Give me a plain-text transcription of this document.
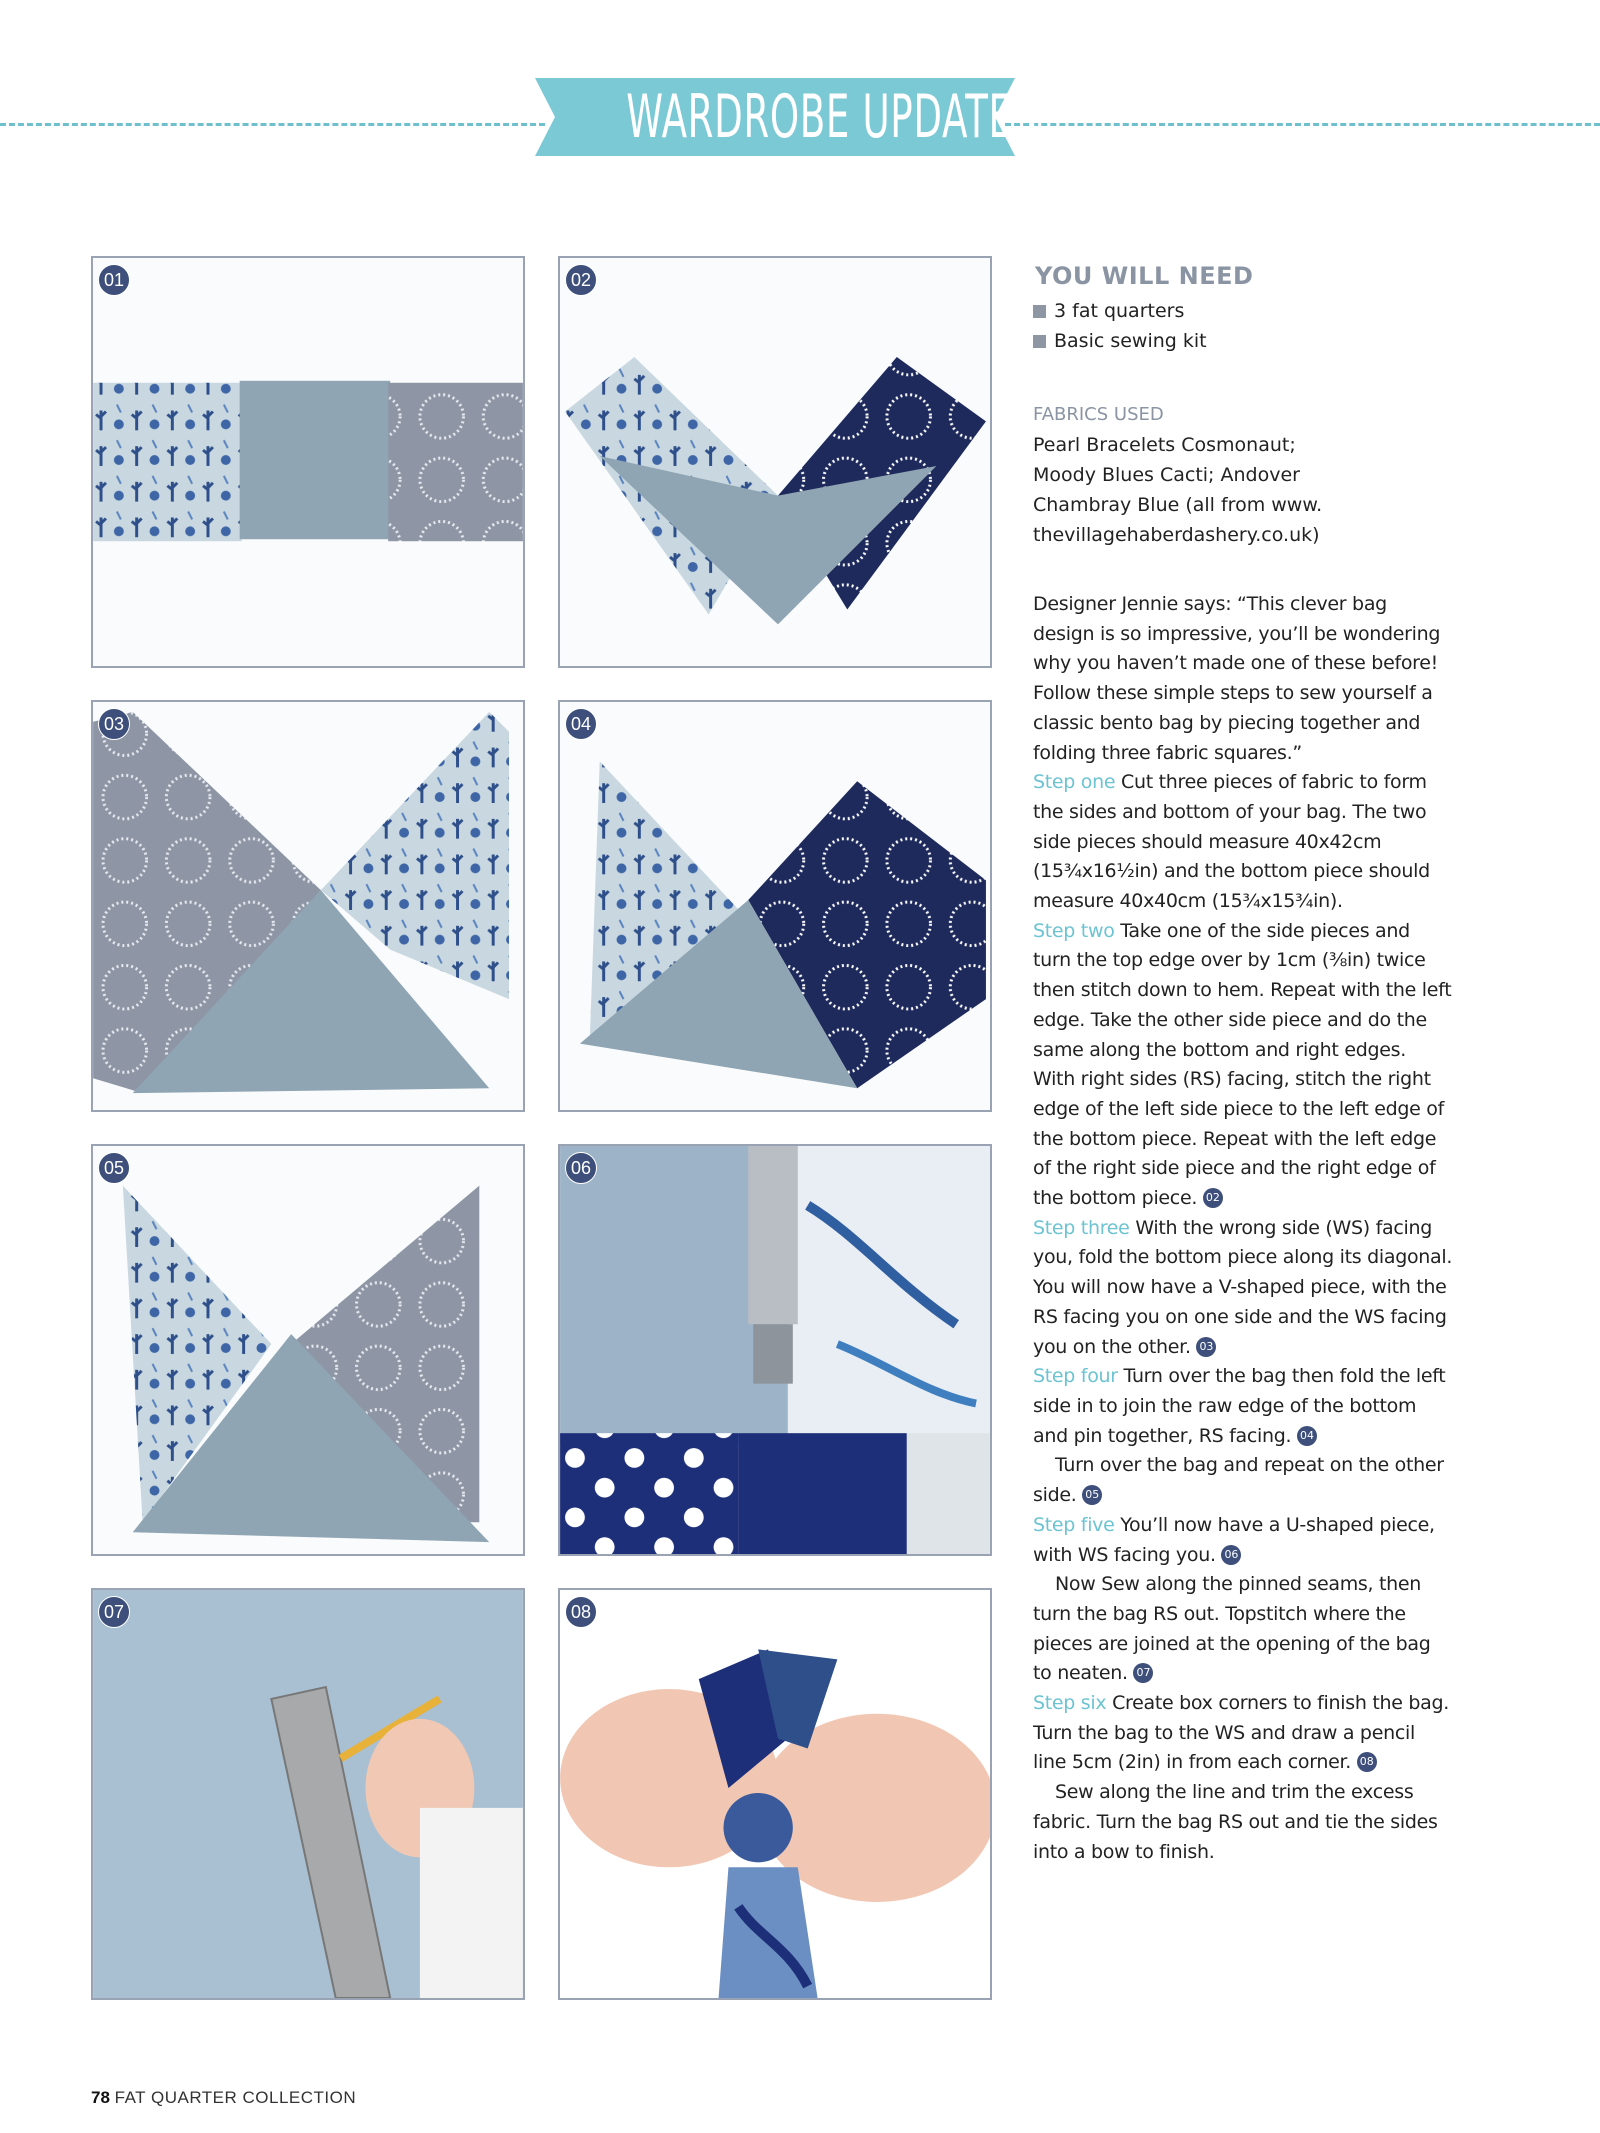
WARDROBE UPDATES
01	02
03	04
05	06
07	08
YOU WILL NEED
3 fat quarters
Basic sewing kit
FABRICS USED
Pearl Bracelets Cosmonaut;
Moody Blues Cacti; Andover
Chambray Blue (all from www.
thevillagehaberdashery.co.uk)

Designer Jennie says: “This clever bag design is so impressive, you’ll be wondering why you haven’t made one of these before! Follow these simple steps to sew yourself a classic bento bag by piecing together and folding three fabric squares.”

Step one Cut three pieces of fabric to form the sides and bottom of your bag. The two side pieces should measure 40x42cm (15¾x16½in) and the bottom piece should measure 40x40cm (15¾x15¾in).

Step two Take one of the side pieces and turn the top edge over by 1cm (⅜in) twice then stitch down to hem. Repeat with the left edge. Take the other side piece and do the same along the bottom and right edges. With right sides (RS) facing, stitch the right edge of the left side piece to the left edge of the bottom piece. Repeat with the left edge of the right side piece and the right edge of the bottom piece. 02

Step three With the wrong side (WS) facing you, fold the bottom piece along its diagonal. You will now have a V-shaped piece, with the RS facing you on one side and the WS facing you on the other. 03

Step four Turn over the bag then fold the left side in to join the raw edge of the bottom and pin together, RS facing. 04

Turn over the bag and repeat on the other side. 05

Step five You’ll now have a U-shaped piece, with WS facing you. 06

Now Sew along the pinned seams, then turn the bag RS out. Topstitch where the pieces are joined at the opening of the bag to neaten. 07

Step six Create box corners to finish the bag. Turn the bag to the WS and draw a pencil line 5cm (2in) in from each corner. 08

Sew along the line and trim the excess fabric. Turn the bag RS out and tie the sides into a bow to finish.

78 FAT QUARTER COLLECTION
